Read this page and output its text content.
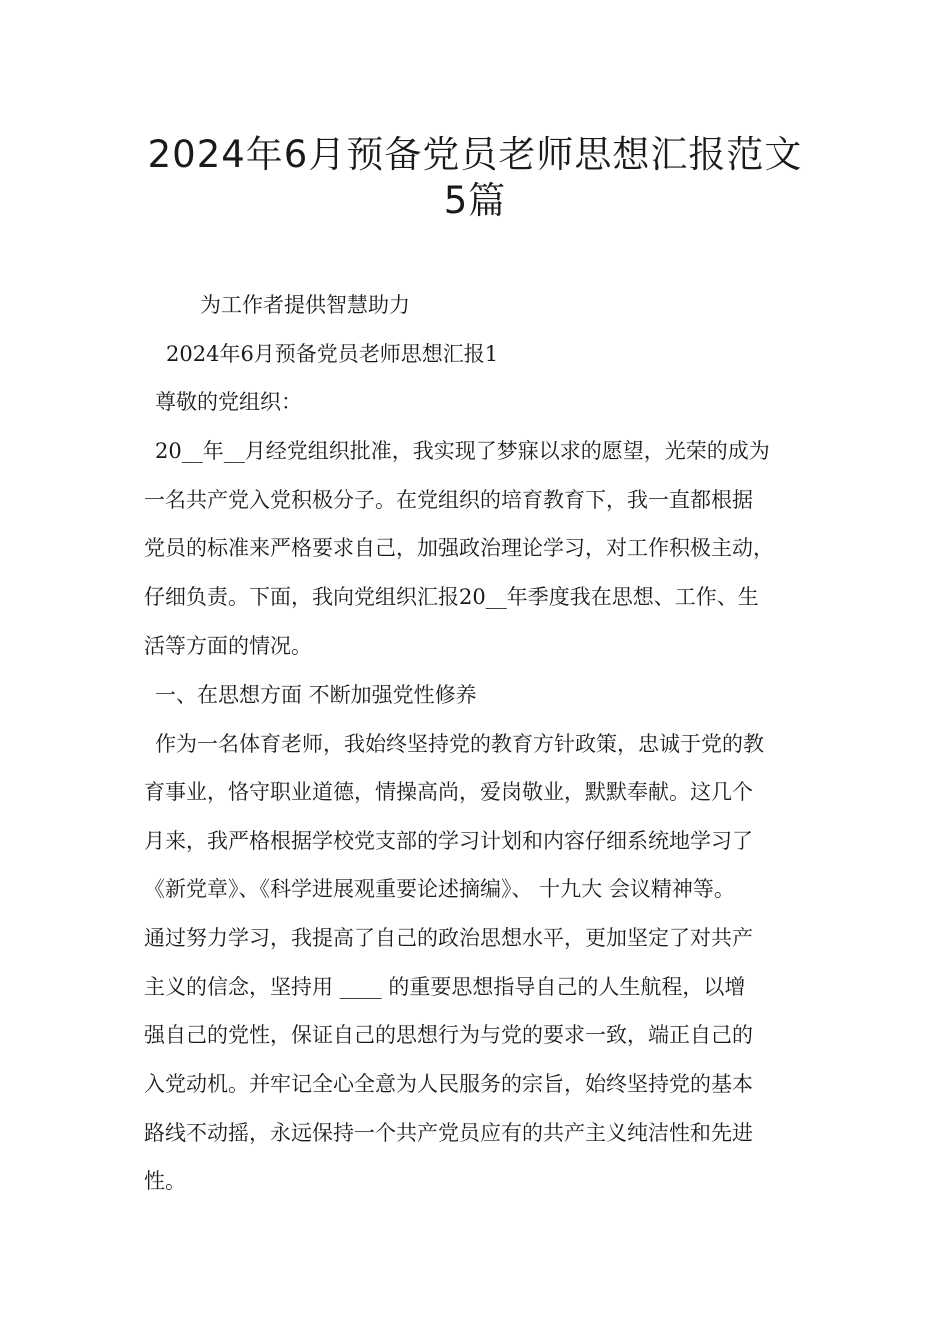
2024年6月预备党员老师思想汇报范文
5篇

为工作者提供智慧助力

2024年6月预备党员老师思想汇报1

尊敬的党组织：

20__年__月经党组织批准，我实现了梦寐以求的愿望，光荣的成为

一名共产党入党积极分子。在党组织的培育教育下，我一直都根据

党员的标准来严格要求自己，加强政治理论学习，对工作积极主动，

仔细负责。下面，我向党组织汇报20__年季度我在思想、工作、生

活等方面的情况。

一、在思想方面 不断加强党性修养

作为一名体育老师，我始终坚持党的教育方针政策，忠诚于党的教

育事业，恪守职业道德，情操高尚，爱岗敬业，默默奉献。这几个

月来，我严格根据学校党支部的学习计划和内容仔细系统地学习了

《新党章》、《科学进展观重要论述摘编》、 十九大 会议精神等。

通过努力学习，我提高了自己的政治思想水平，更加坚定了对共产

主义的信念，坚持用 ____ 的重要思想指导自己的人生航程，以增

强自己的党性，保证自己的思想行为与党的要求一致，端正自己的

入党动机。并牢记全心全意为人民服务的宗旨，始终坚持党的基本

路线不动摇，永远保持一个共产党员应有的共产主义纯洁性和先进

性。
